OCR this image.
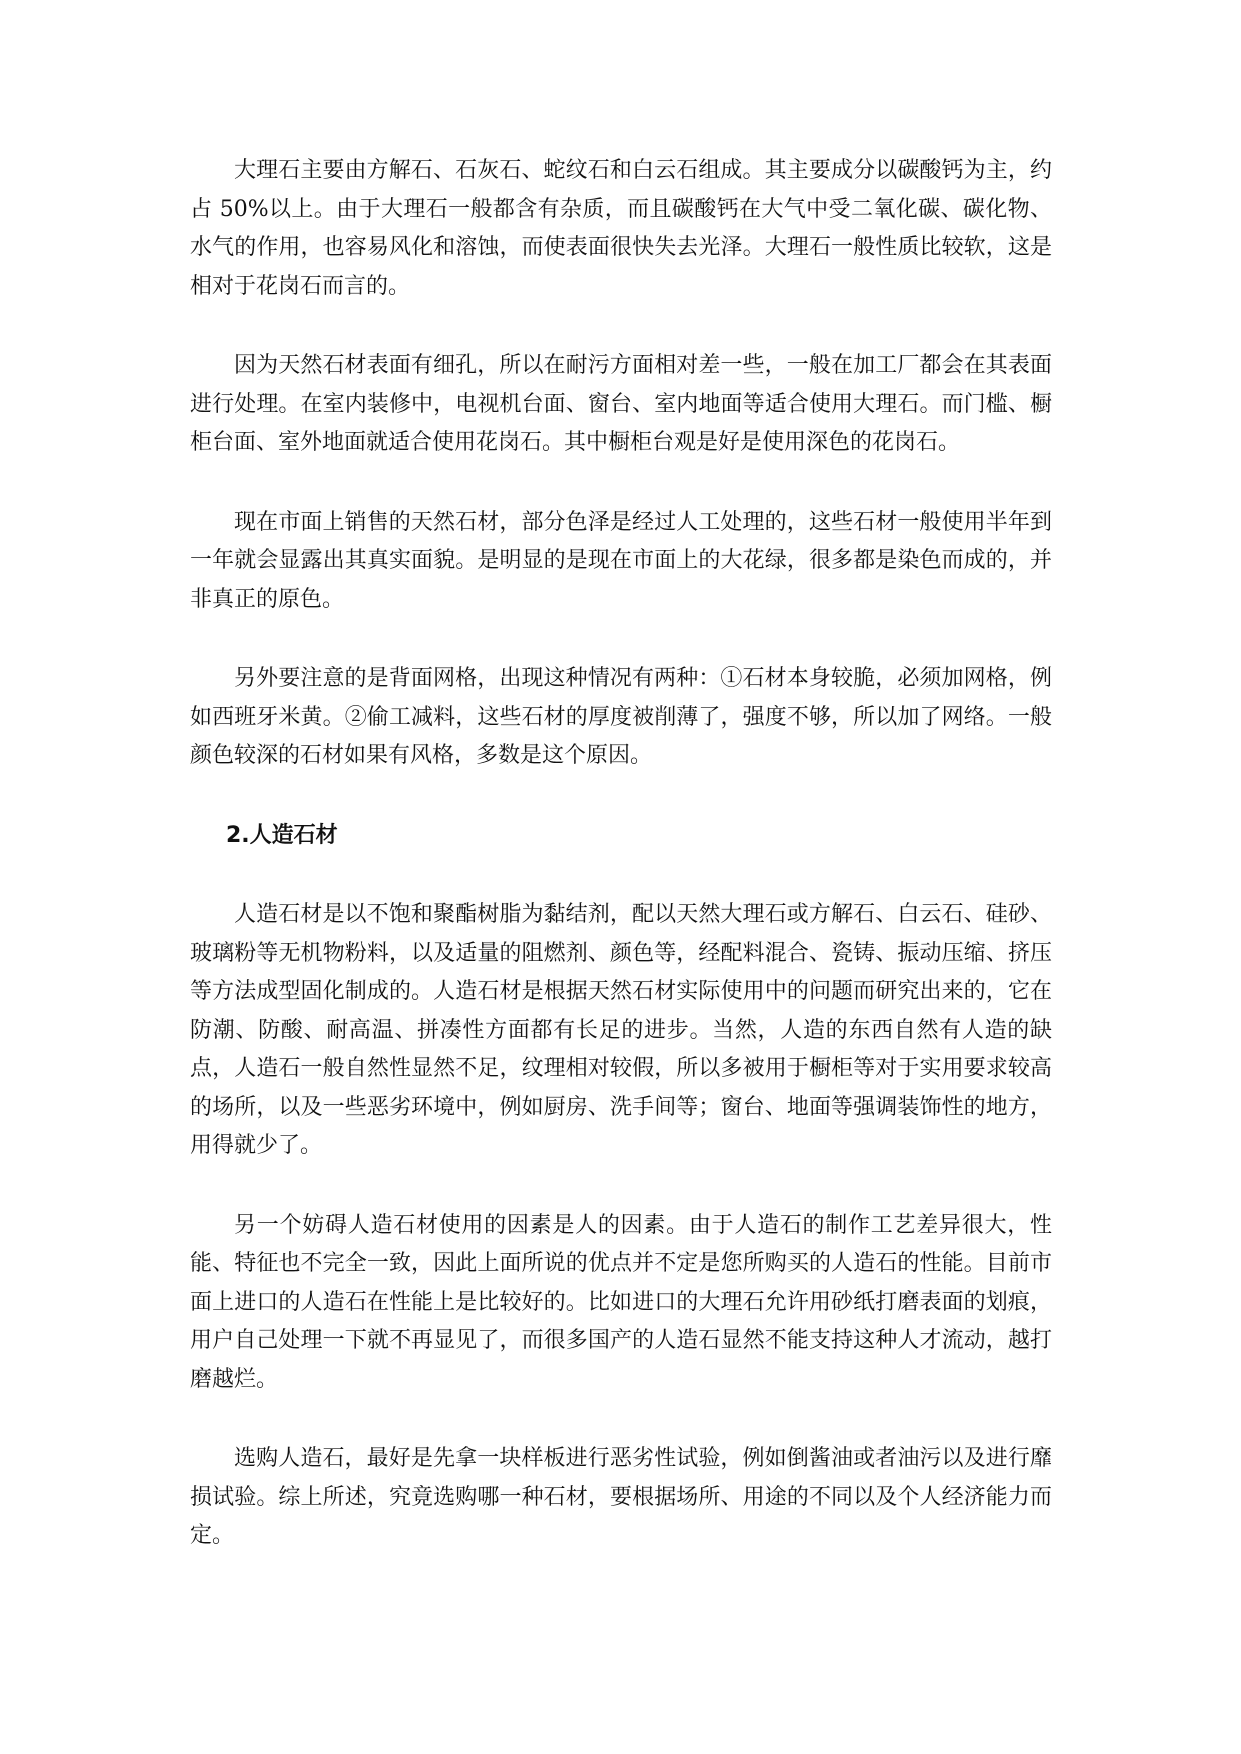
大理石主要由方解石、石灰石、蛇纹石和白云石组成。其主要成分以碳酸钙为主，约占 50%以上。由于大理石一般都含有杂质，而且碳酸钙在大气中受二氧化碳、碳化物、水气的作用，也容易风化和溶蚀，而使表面很快失去光泽。大理石一般性质比较软，这是相对于花岗石而言的。

因为天然石材表面有细孔，所以在耐污方面相对差一些，一般在加工厂都会在其表面进行处理。在室内装修中，电视机台面、窗台、室内地面等适合使用大理石。而门槛、橱柜台面、室外地面就适合使用花岗石。其中橱柜台观是好是使用深色的花岗石。

现在市面上销售的天然石材，部分色泽是经过人工处理的，这些石材一般使用半年到一年就会显露出其真实面貌。是明显的是现在市面上的大花绿，很多都是染色而成的，并非真正的原色。

另外要注意的是背面网格，出现这种情况有两种：①石材本身较脆，必须加网格，例如西班牙米黄。②偷工减料，这些石材的厚度被削薄了，强度不够，所以加了网络。一般颜色较深的石材如果有风格，多数是这个原因。

2.人造石材

人造石材是以不饱和聚酯树脂为黏结剂，配以天然大理石或方解石、白云石、硅砂、玻璃粉等无机物粉料，以及适量的阻燃剂、颜色等，经配料混合、瓷铸、振动压缩、挤压等方法成型固化制成的。人造石材是根据天然石材实际使用中的问题而研究出来的，它在防潮、防酸、耐高温、拼凑性方面都有长足的进步。当然，人造的东西自然有人造的缺点，人造石一般自然性显然不足，纹理相对较假，所以多被用于橱柜等对于实用要求较高的场所，以及一些恶劣环境中，例如厨房、洗手间等；窗台、地面等强调装饰性的地方，用得就少了。

另一个妨碍人造石材使用的因素是人的因素。由于人造石的制作工艺差异很大，性能、特征也不完全一致，因此上面所说的优点并不定是您所购买的人造石的性能。目前市面上进口的人造石在性能上是比较好的。比如进口的大理石允许用砂纸打磨表面的划痕，用户自己处理一下就不再显见了，而很多国产的人造石显然不能支持这种人才流动，越打磨越烂。

选购人造石，最好是先拿一块样板进行恶劣性试验，例如倒酱油或者油污以及进行靡损试验。综上所述，究竟选购哪一种石材，要根据场所、用途的不同以及个人经济能力而定。
